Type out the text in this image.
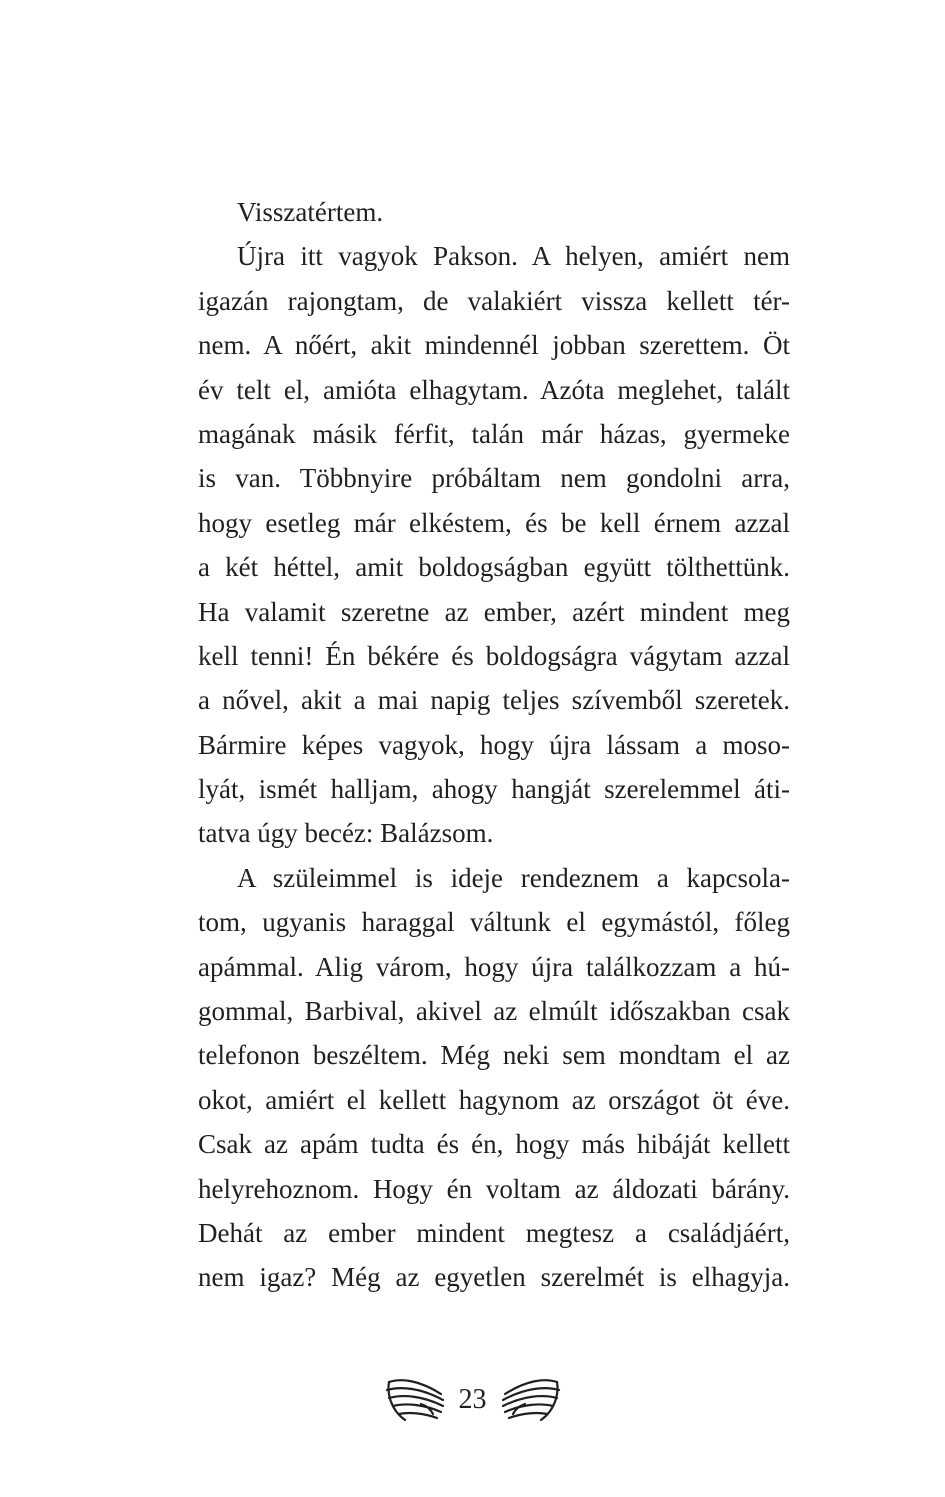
Visszatértem.
Újra itt vagyok Pakson. A helyen, amiért nem
igazán rajongtam, de valakiért vissza kellett tér-
nem. A nőért, akit mindennél jobban szerettem. Öt
év telt el, amióta elhagytam. Azóta meglehet, talált
magának másik férfit, talán már házas, gyermeke
is van. Többnyire próbáltam nem gondolni arra,
hogy esetleg már elkéstem, és be kell érnem azzal
a két héttel, amit boldogságban együtt tölthettünk.
Ha valamit szeretne az ember, azért mindent meg
kell tenni! Én békére és boldogságra vágytam azzal
a nővel, akit a mai napig teljes szívemből szeretek.
Bármire képes vagyok, hogy újra lássam a moso-
lyát, ismét halljam, ahogy hangját szerelemmel áti-
tatva úgy becéz: Balázsom.
A szüleimmel is ideje rendeznem a kapcsola-
tom, ugyanis haraggal váltunk el egymástól, főleg
apámmal. Alig várom, hogy újra találkozzam a hú-
gommal, Barbival, akivel az elmúlt időszakban csak
telefonon beszéltem. Még neki sem mondtam el az
okot, amiért el kellett hagynom az országot öt éve.
Csak az apám tudta és én, hogy más hibáját kellett
helyrehoznom. Hogy én voltam az áldozati bárány.
Dehát az ember mindent megtesz a családjáért,
nem igaz? Még az egyetlen szerelmét is elhagyja.
23
